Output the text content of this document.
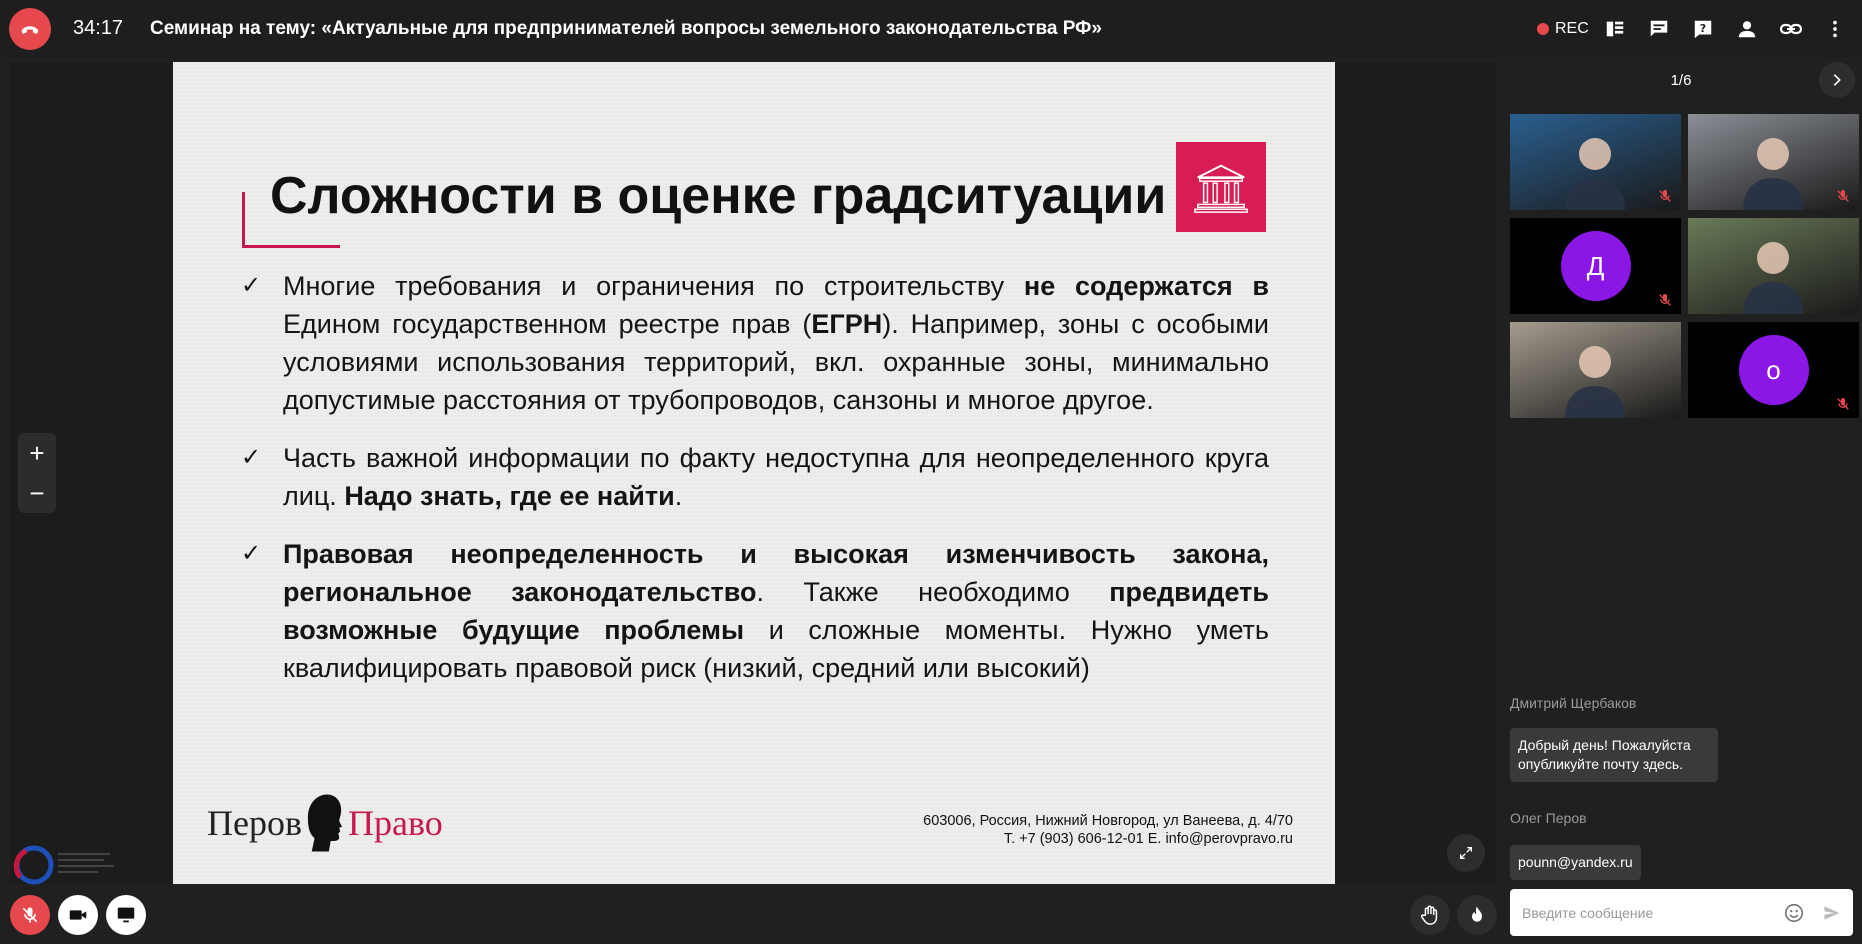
34:17 Семинар на тему: «Актуальные для предпринимателей вопросы земельного законодательства РФ»	REC	?
Сложности в оценке градситуации
✓ Многие требования и ограничения по строительству не содержатся в Едином государственном реестре прав (ЕГРН). Например, зоны с особыми условиями использования территорий, вкл. охранные зоны, минимально допустимые расстояния от трубопроводов, санзоны и многое другое.
✓ Часть важной информации по факту недоступна для неопределенного круга лиц. Надо знать, где ее найти.
✓ Правовая неопределенность и высокая изменчивость закона, региональное законодательство. Также необходимо предвидеть возможные будущие проблемы и сложные моменты. Нужно уметь квалифицировать правовой риск (низкий, средний или высокий)
Перов Право	603006, Россия, Нижний Новгород, ул Ванеева, д. 4/70
Т. +7 (903) 606-12-01 Е. info@perovpravo.ru
+
−
1/6
Д
о
Дмитрий Щербаков
Добрый день! Пожалуйста опубликуйте почту здесь.
Олег Перов
pounn@yandex.ru
Введите сообщение
